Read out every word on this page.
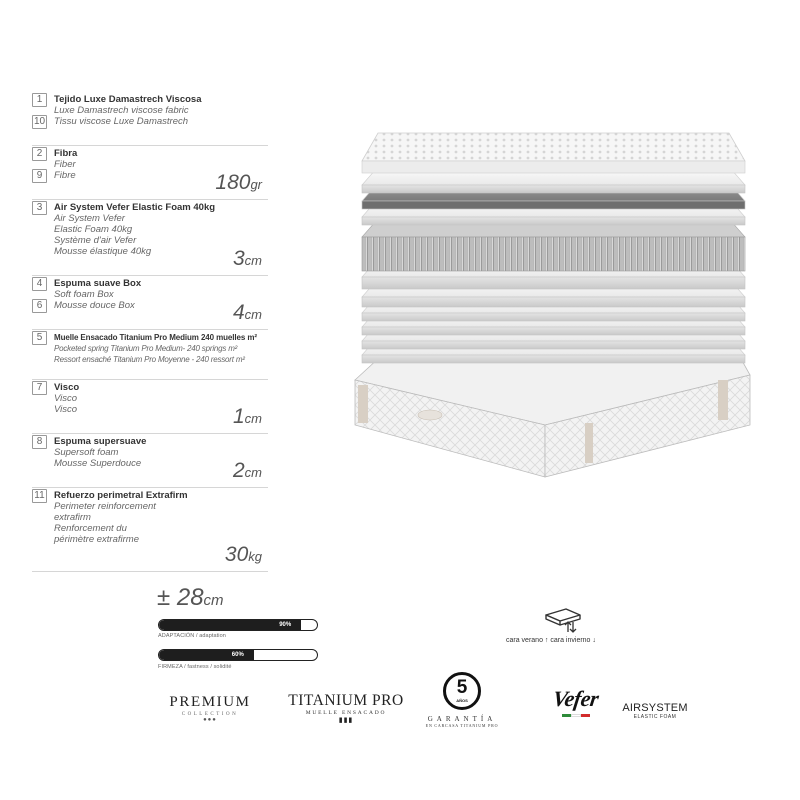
1	Tejido Luxe Damastrech Viscosa
Luxe Damastrech viscose fabric
10 Tissu viscose Luxe Damastrech
2	Fibra
Fiber
9	Fibre	180gr
3	Air System Vefer Elastic Foam 40kg
Air System Vefer
Elastic Foam 40kg
Système d'air Vefer
Mousse élastique 40kg	3cm
4	Espuma suave Box
Soft foam Box
6	Mousse douce Box	4cm
5	Muelle Ensacado Titanium Pro Medium 240 muelles m²
Pocketed spring Titanium Pro Medium- 240 springs m²
Ressort ensaché Titanium Pro Moyenne - 240 ressort m²
7	Visco
Visco
Visco	1cm
8	Espuma supersuave
Supersoft foam
Mousse Superdouce	2cm
11 Refuerzo perimetral Extrafirm
Perimeter reinforcement
extrafirm
Renforcement du
périmètre extrafirme
30kg
± 28cm
90%
ADAPTACIÓN / adaptation
60%
FIRMEZA / fastness / solidité
cara verano ↑ cara invierno ↓
PREMIUM
COLLECTION
●●●
TITANIUM PRO
MUELLE ENSACADO
▮▮▮
5
AÑOS
GARANTÍA
EN CARCASA TITANIUM PRO
Vefer	AIRSYSTEM
ELASTIC FOAM
